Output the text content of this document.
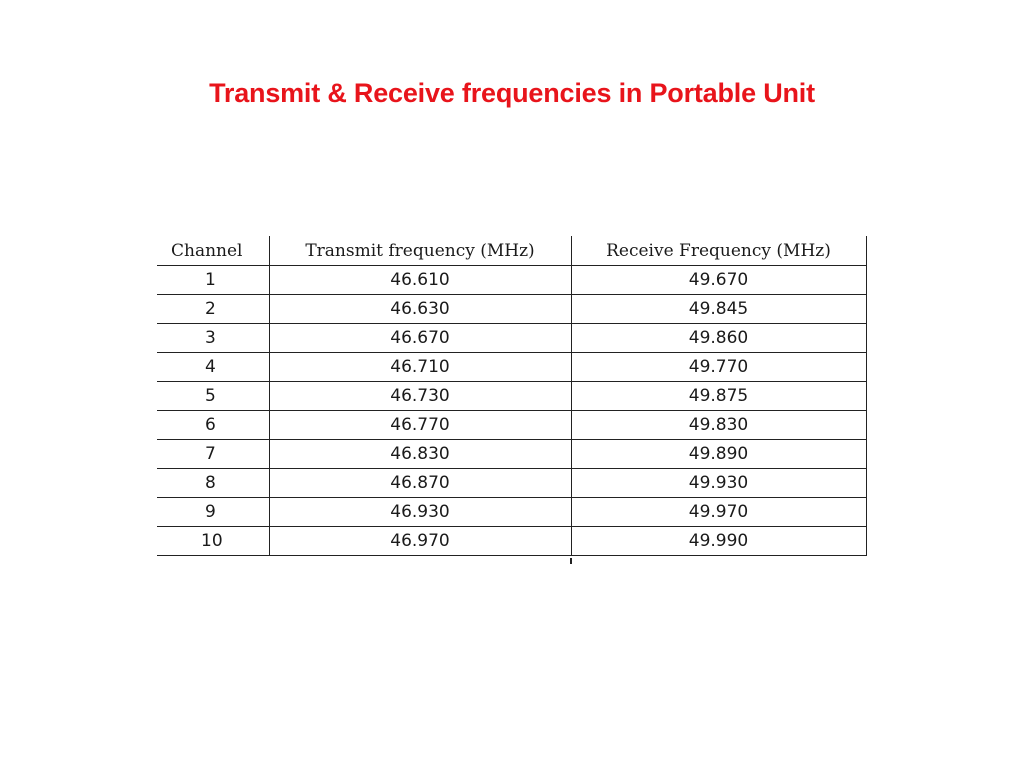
Transmit & Receive frequencies in Portable Unit
Channel	Transmit frequency (MHz)	Receive Frequency (MHz)
1	46.610	49.670
2	46.630	49.845
3	46.670	49.860
4	46.710	49.770
5	46.730	49.875
6	46.770	49.830
7	46.830	49.890
8	46.870	49.930
9	46.930	49.970
10	46.970	49.990
